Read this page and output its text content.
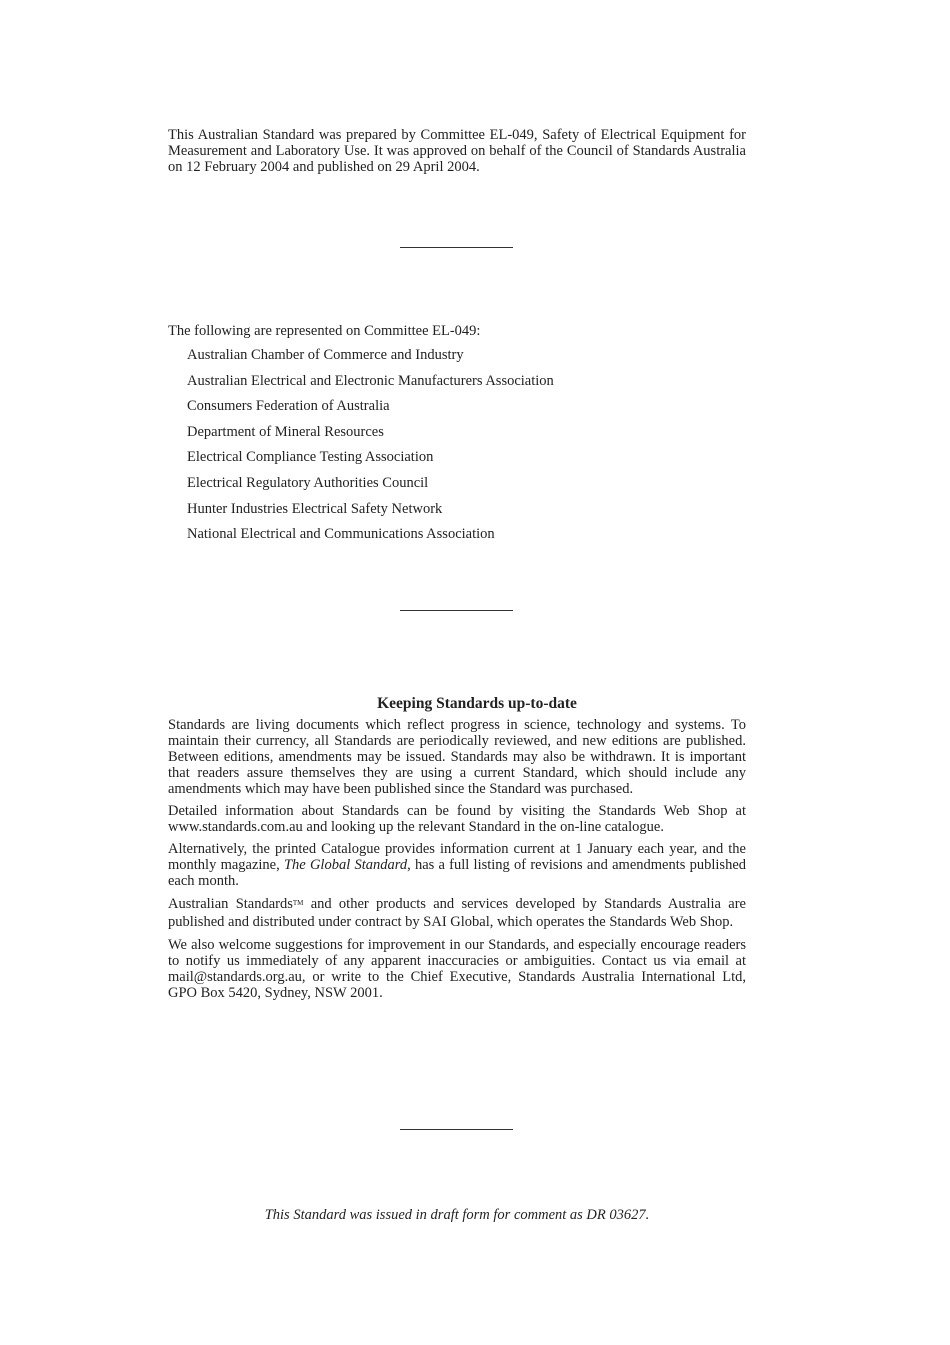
This Australian Standard was prepared by Committee EL-049, Safety of Electrical Equipment for Measurement and Laboratory Use. It was approved on behalf of the Council of Standards Australia on 12 February 2004 and published on 29 April 2004.

The following are represented on Committee EL-049:
Australian Chamber of Commerce and Industry
Australian Electrical and Electronic Manufacturers Association
Consumers Federation of Australia
Department of Mineral Resources
Electrical Compliance Testing Association
Electrical Regulatory Authorities Council
Hunter Industries Electrical Safety Network
National Electrical and Communications Association
Keeping Standards up-to-date

Standards are living documents which reflect progress in science, technology and systems. To maintain their currency, all Standards are periodically reviewed, and new editions are published. Between editions, amendments may be issued. Standards may also be withdrawn. It is important that readers assure themselves they are using a current Standard, which should include any amendments which may have been published since the Standard was purchased.

Detailed information about Standards can be found by visiting the Standards Web Shop at www.standards.com.au and looking up the relevant Standard in the on-line catalogue.

Alternatively, the printed Catalogue provides information current at 1 January each year, and the monthly magazine, The Global Standard, has a full listing of revisions and amendments published each month.

Australian Standards™ and other products and services developed by Standards Australia are published and distributed under contract by SAI Global, which operates the Standards Web Shop.

We also welcome suggestions for improvement in our Standards, and especially encourage readers to notify us immediately of any apparent inaccuracies or ambiguities. Contact us via email at mail@standards.org.au, or write to the Chief Executive, Standards Australia International Ltd, GPO Box 5420, Sydney, NSW 2001.

This Standard was issued in draft form for comment as DR 03627.
